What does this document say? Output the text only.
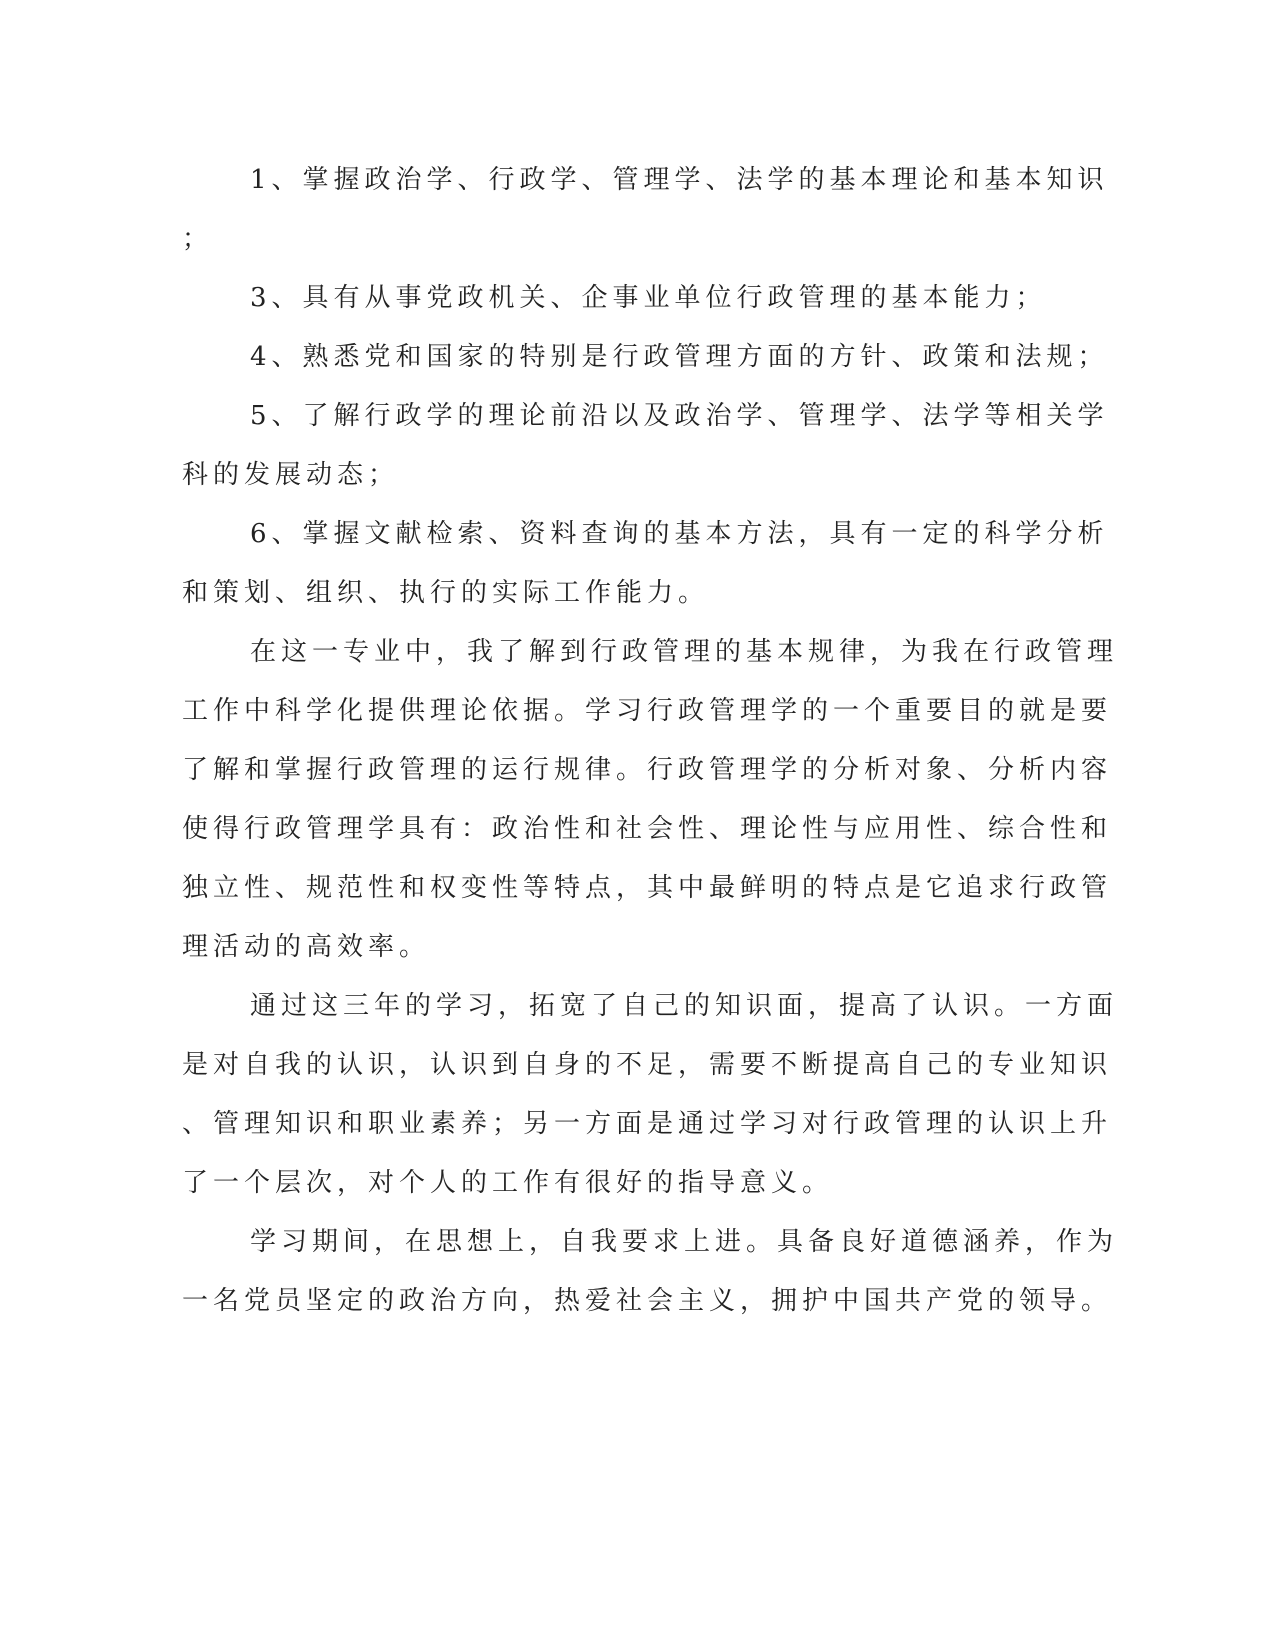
1、掌握政治学、行政学、管理学、法学的基本理论和基本知识

；

3、具有从事党政机关、企事业单位行政管理的基本能力；

4、熟悉党和国家的特别是行政管理方面的方针、政策和法规；

5、了解行政学的理论前沿以及政治学、管理学、法学等相关学

科的发展动态；

6、掌握文献检索、资料查询的基本方法，具有一定的科学分析

和策划、组织、执行的实际工作能力。

在这一专业中，我了解到行政管理的基本规律，为我在行政管理

工作中科学化提供理论依据。学习行政管理学的一个重要目的就是要

了解和掌握行政管理的运行规律。行政管理学的分析对象、分析内容

使得行政管理学具有：政治性和社会性、理论性与应用性、综合性和

独立性、规范性和权变性等特点，其中最鲜明的特点是它追求行政管

理活动的高效率。

通过这三年的学习，拓宽了自己的知识面，提高了认识。一方面

是对自我的认识，认识到自身的不足，需要不断提高自己的专业知识

、管理知识和职业素养；另一方面是通过学习对行政管理的认识上升

了一个层次，对个人的工作有很好的指导意义。

学习期间，在思想上，自我要求上进。具备良好道德涵养，作为

一名党员坚定的政治方向，热爱社会主义，拥护中国共产党的领导。
